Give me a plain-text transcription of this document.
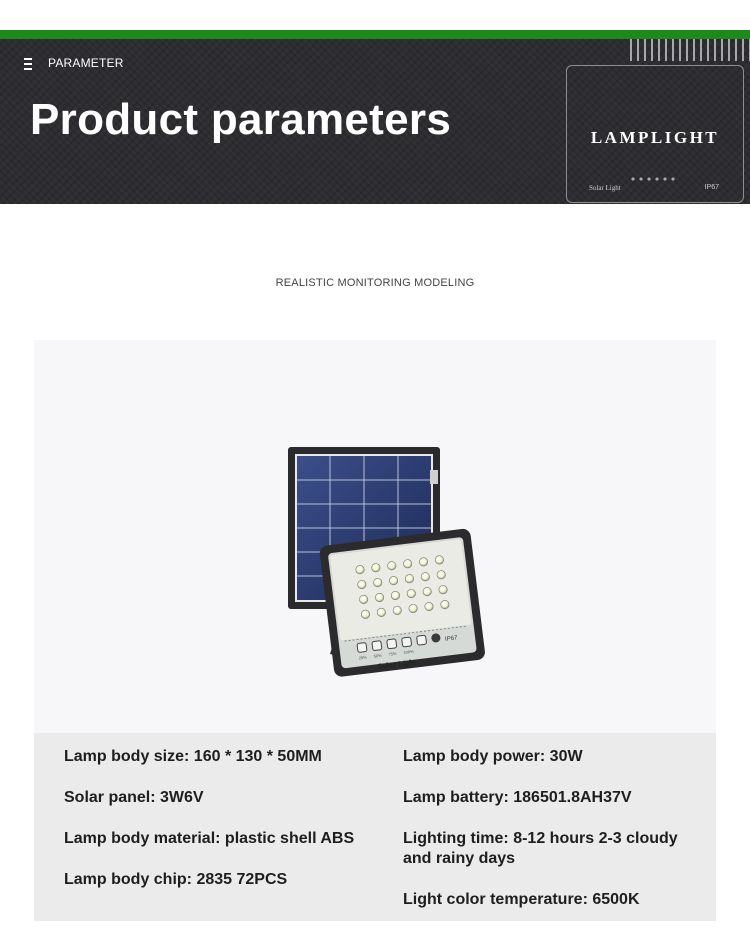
PARAMETER
Product parameters	LAMPLIGHT
Solar Light	IP67
REALISTIC MONITORING MODELING
25% 50% 75% 100%
IP67
Solar Light
Lamp body size: 160 * 130 * 50MM
Solar panel: 3W6V
Lamp body material: plastic shell ABS
Lamp body chip: 2835 72PCS
Lamp body power: 30W
Lamp battery: 186501.8AH37V
Lighting time: 8-12 hours 2-3 cloudy and rainy days
Light color temperature: 6500K
